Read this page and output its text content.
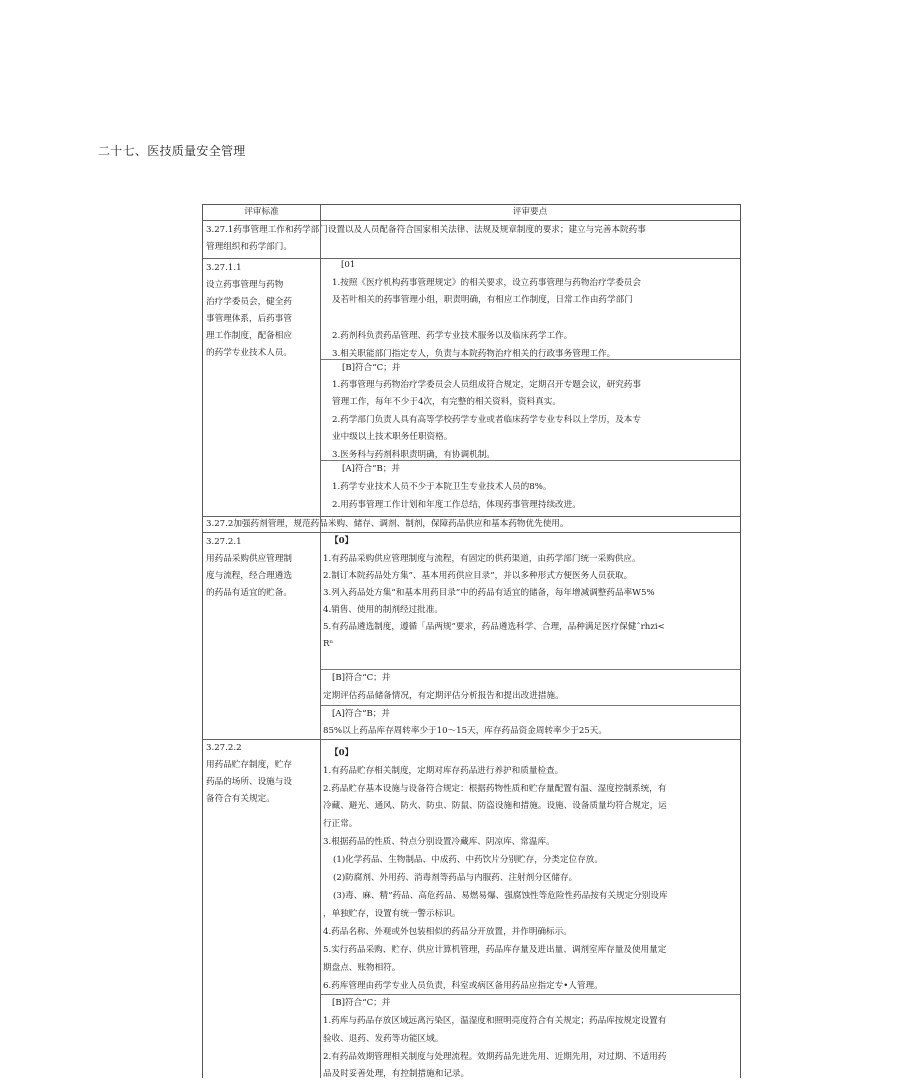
二十七、医技质量安全管理
评审标准	评审要点
3.27.1药事管理工作和药学部门设置以及人员配备符合国家相关法律、法规及规章制度的要求；建立与完善本院药事
管理组织和药学部门。
3.27.1.1
设立药事管理与药物
治疗学委员会，健全药
事管理体系，后药事管
理工作制度，配备相应
的药学专业技术人员。
[01
1.按照《医疗机构药事管理规定》的相关要求，设立药事管理与药物治疗学委员会
及若叶相关的药事管理小组，职责明确，有相应工作制度，日常工作由药学部门
2.药剂科负责药品管理、药学专业技术服务以及临床药学工作。
3.相关职能部门指定专人，负责与本院药物治疗相关的行政事务管理工作。
[B]符合“C；并
1.药事管理与药物治疗学委员会人员组成符合规定，定期召开专题会议，研究药事
管理工作，每年不少于4次，有完整的相关资料，资料真实。
2.药学部门负责人具有高等学校药学专业或者临床药学专业专科以上学历，及本专
业中级以上技术职务任职资格。
3.医务科与药剂科职责明确，有协调机制。
[A]符合“B；并
1.药学专业技术人员不少于本院卫生专业技术人员的8%。
2.用药事管理工作计划和年度工作总结，体现药事管理持续改进。
3.27.2加强药剂管理，规范药品米购、储存、调剂、制剂，保障药品供应和基本药物优先使用。
3.27.2.1
用药品采购供应管理制
度与流程，经合理遴选
的药品有适宜的贮备。
【0】
1.有药品采购供应管理制度与流程，有固定的供药渠道，由药学部门统一采购供应。
2.制订本院药品处方集”、基本用药供应目录”，并以多种形式方便医务人员获取。
3.列入药品处方集”和基本用药目录”中的药品有适宜的储备，每年增减调整药品率W5%
4.销售、使用的制剂经过批准。
5.有药品遴选制度，遵循「品两规”要求，药品遴选科学、合理，品种满足医疗保健ˆrhzi<
Rⁿ
[B]符合“C；并
定期评估药品储备情况，有定期评估分析报告和提出改进措施。
[A]符合“B；并
85%以上药品库存周转率少于10～15天，库存药品资金周转率少于25天。
3.27.2.2
用药品贮存制度，贮存
药品的场所、设施与设
备符合有关规定。
【0】
1.有药品贮存相关制度，定期对库存药品进行养护和质量检查。
2.药品贮存基本设施与设备符合规定：根据药物性质和贮存量配置有温、湿度控制系统，有
冷藏、避光、通风、防火、防虫、防鼠、防盗设施和措施。设施、设备质量均符合规定，运
行正常。
3.根据药品的性质、特点分别设置冷藏库、阴凉库、常温库。
(1)化学药品、生物制品、中成药、中药饮片分别贮存，分类定位存放。
(2)防腐剂、外用药、消毒剂等药品与内服药、注射剂分区储存。
(3)毒、麻、精”药品、高危药品、易燃易爆、强腐蚀性等危险性药品按有关规定分别设库
，单独贮存，设置有统一警示标识。
4.药品名称、外观或外包装相似的药品分开放置，并作明确标示。
5.实行药品采购、贮存、供应计算机管理，药品库存量及进出量、调剂室库存量及使用量定
期盘点、账物相符。
6.药库管理由药学专业人员负责，科室或病区备用药品应指定专•人管理。
[B]符合“C；并
1.药库与药品存放区域远离污染区，温湿度和照明亮度符合有关规定；药品库按规定设置有
验收、退药、发药等功能区域。
2.有药品效期管理相关制度与处理流程。效期药品先进先用、近期先用，对过期、不适用药
品及时妥善处理，有控制措施和记录。
